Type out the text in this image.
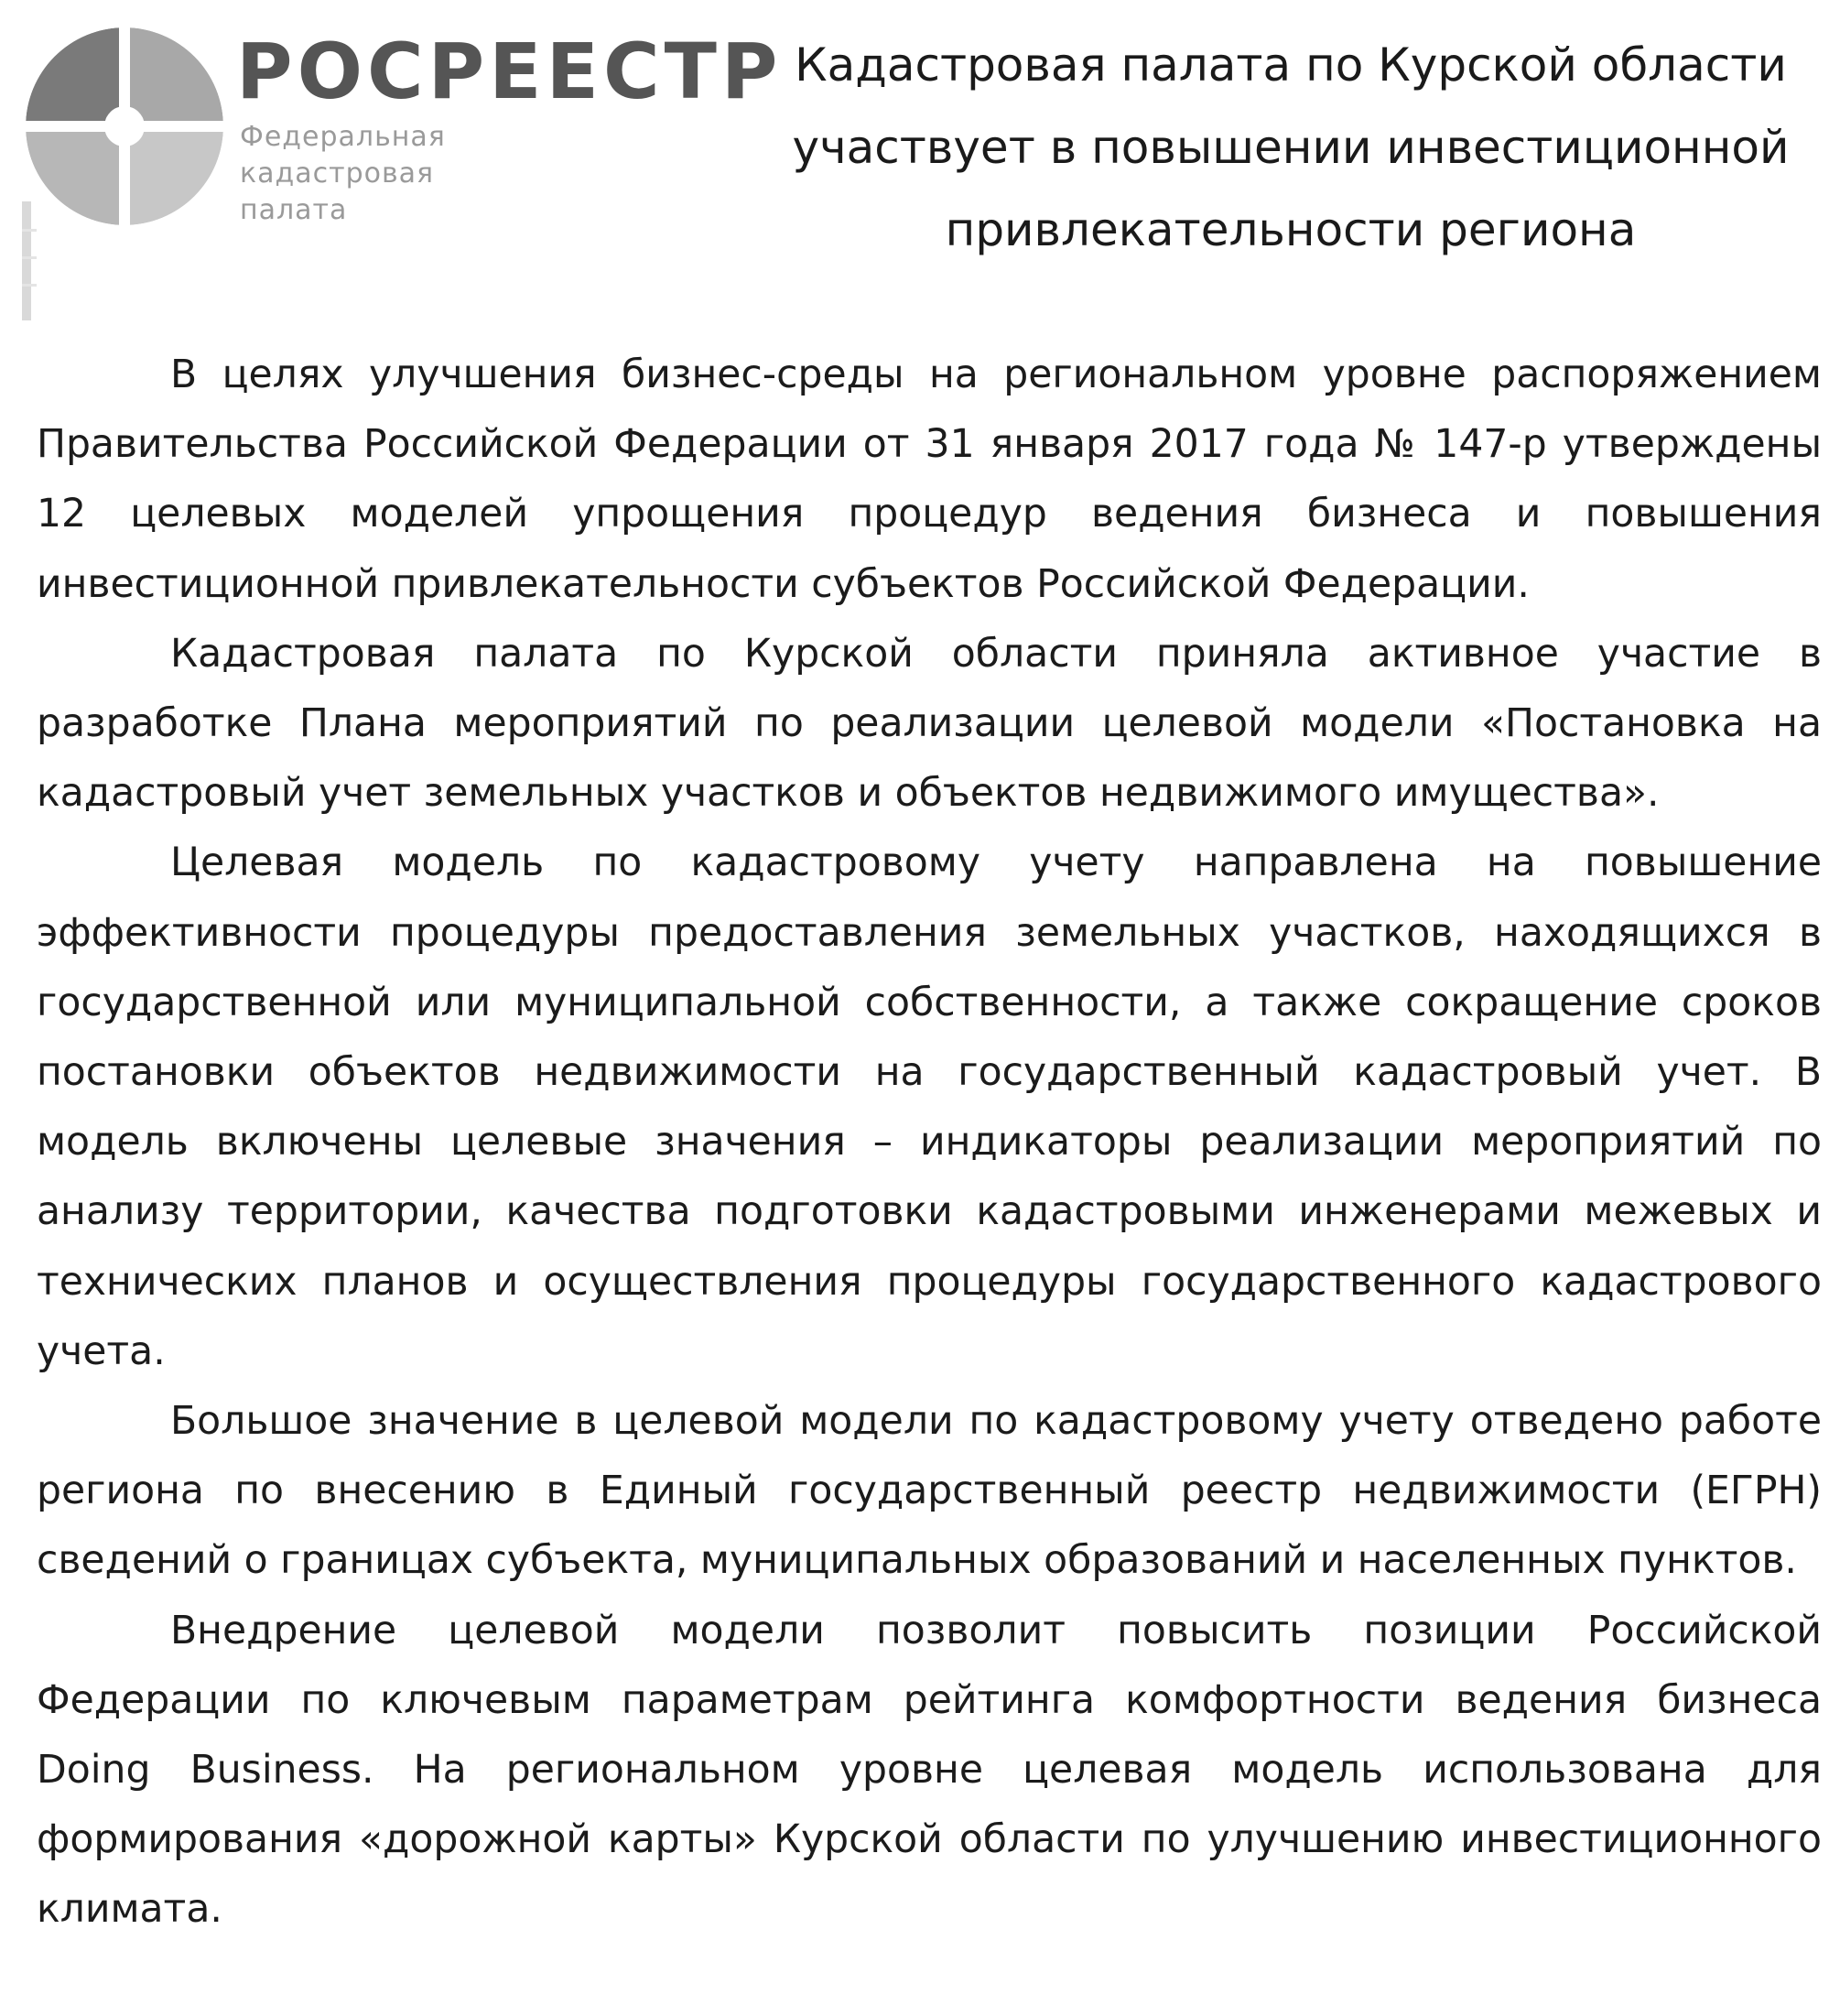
РОСРЕЕСТР
Федеральная
кадастровая
палата
Кадастровая палата по Курской области
участвует в повышении инвестиционной
привлекательности региона

В целях улучшения бизнес-среды на региональном уровне распоряжением Правительства Российской Федерации от 31 января 2017 года № 147-р утверждены 12 целевых моделей упрощения процедур ведения бизнеса и повышения инвестиционной привлекательности субъектов Российской Федерации.

Кадастровая палата по Курской области приняла активное участие в разработке Плана мероприятий по реализации целевой модели «Постановка на кадастровый учет земельных участков и объектов недвижимого имущества».

Целевая модель по кадастровому учету направлена на повышение эффективности процедуры предоставления земельных участков, находящихся в государственной или муниципальной собственности, а также сокращение сроков постановки объектов недвижимости на государственный кадастровый учет. В модель включены целевые значения – индикаторы реализации мероприятий по анализу территории, качества подготовки кадастровыми инженерами межевых и технических планов и осуществления процедуры государственного кадастрового учета.

Большое значение в целевой модели по кадастровому учету отведено работе региона по внесению в Единый государственный реестр недвижимости (ЕГРН) сведений о границах субъекта, муниципальных образований и населенных пунктов.

Внедрение целевой модели позволит повысить позиции Российской Федерации по ключевым параметрам рейтинга комфортности ведения бизнеса Doing Business. На региональном уровне целевая модель использована для формирования «дорожной карты» Курской области по улучшению инвестиционного климата.
